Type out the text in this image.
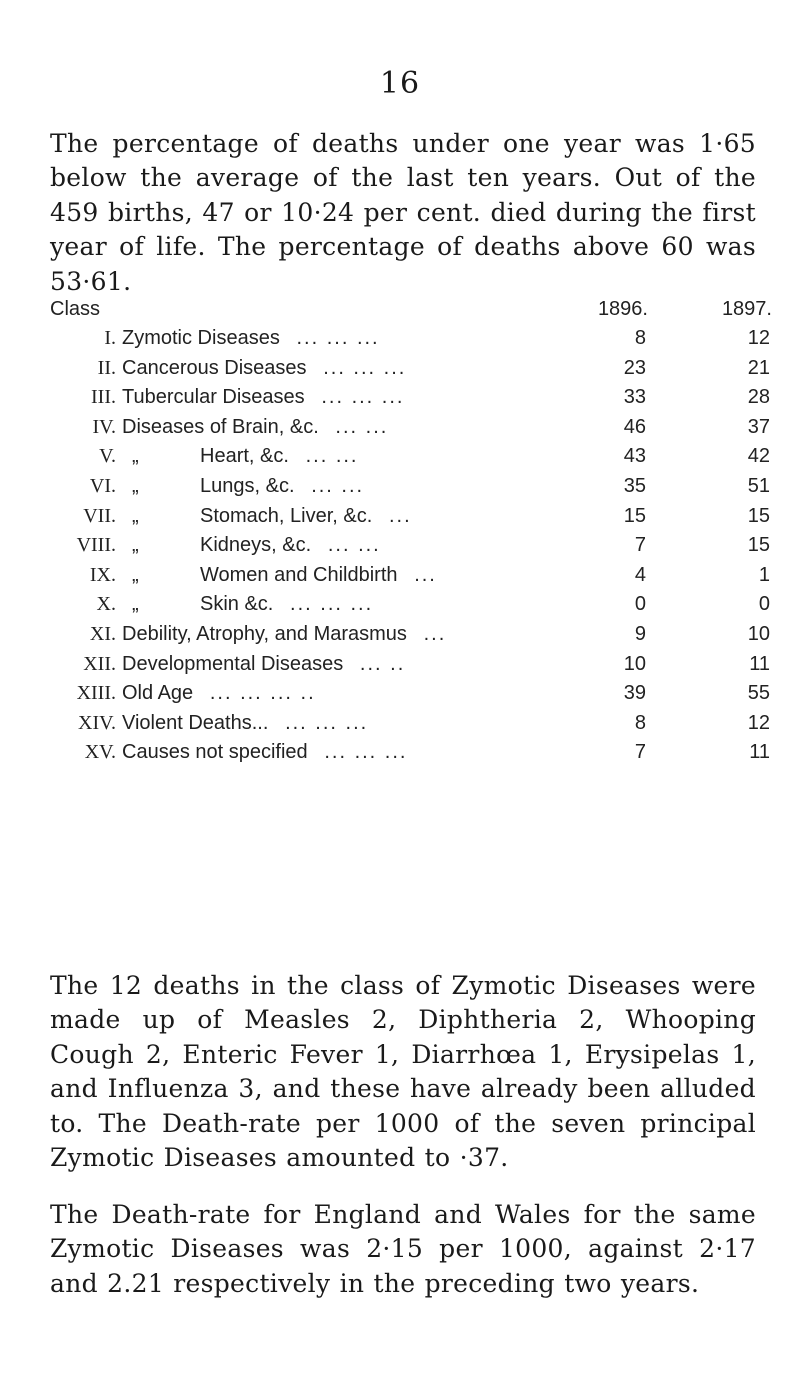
16

The percentage of deaths under one year was 1·65 below the average of the last ten years. Out of the 459 births, 47 or 10·24 per cent. died during the first year of life. The percentage of deaths above 60 was 53·61.

Class	1896.	1897.
I. Zymotic Diseases ... ... ...	8	12
II. Cancerous Diseases ... ... ...	23	21
III. Tubercular Diseases ... ... ...	33	28
IV. Diseases of Brain, &c. ... ...	46	37
V. „	Heart, &c. ... ...	43	42
VI. „	Lungs, &c. ... ...	35	51
VII. „	Stomach, Liver, &c. ...	15	15
VIII. „	Kidneys, &c. ... ...	7	15
IX. „	Women and Childbirth ...	4	1
X. „	Skin &c. ... ... ...	0	0
XI. Debility, Atrophy, and Marasmus ...	9	10
XII. Developmental Diseases ... ..	10	11
XIII. Old Age ... ... ... ..	39	55
XIV. Violent Deaths... ... ... ...	8	12
XV. Causes not specified ... ... ...	7	11

The 12 deaths in the class of Zymotic Diseases were made up of Measles 2, Diphtheria 2, Whooping Cough 2, Enteric Fever 1, Diarrhœa 1, Erysipelas 1, and Influenza 3, and these have already been alluded to. The Death-rate per 1000 of the seven principal Zymotic Diseases amounted to ·37.

The Death-rate for England and Wales for the same Zymotic Diseases was 2·15 per 1000, against 2·17 and 2.21 respectively in the preceding two years.
